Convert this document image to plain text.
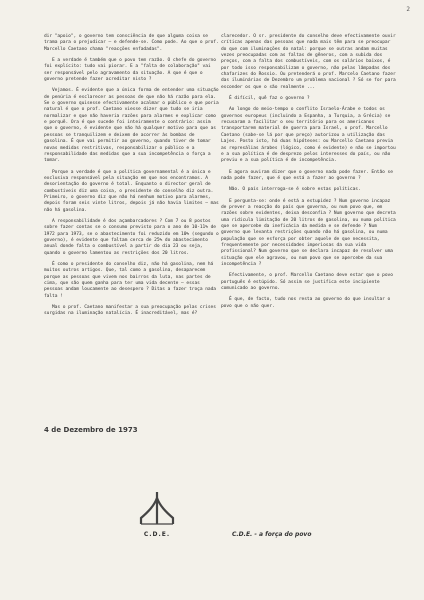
2

dir "apoio", o governo tem consciência de que alguma coisa se trama para o prejudicar — e defende-se. Como pode. Ao que o prof. Marcello Caetano chama "reacções enfadadas".

E a verdade é também que o povo tem razão. O chefe do governo foi explícito: tudo vai piorar. E a "falta de colaboração" vai ser responsável pelo agravamento da situação. A que é que o governo pretende fazer acreditar nisto ?

Vejamos. É evidente que a única forma de entender uma situação de penúria é esclarecer as pessoas de que não há razão para ela. Se o governo quisesse efectivamente acalmar o público e que poria natural é que o prof. Caetano viesse dizer que tudo se iria normalizar e que não haveria razões para alarmes e explicar como e porquê. Ora é que sucede foi inteiramente o contrário: assim que o governo, é evidente que não há qualquer motivo para que as pessoas se tranquilizem e deixem de acorrer às bombas de gasolina. É que vai permitir ao governo, quando tiver de tomar novas medidas restritivas, responsabilizar o público e a responsabilidade das medidas que a sua incompetência o força a tomar.

Porque a verdade é que a política governamental é a única e exclusiva responsável pela situação em que nos encontramos. A desorientação do governo é total. Enquanto o director geral de combustíveis diz uma coisa, o presidente do conselho diz outra. Primeiro, o governo diz que não há nenhum motivo para alarmes, depois foram seis vinte litros, depois já não havia limites — mas não há gasolina.

A responsabilidade é dos açambarcadores ? Com 7 ou 8 postos sobre fazer contas se o consumo previsto para o ano de 10-11% de 1972 para 1973, se o abastecimento foi reduzido em 10% (segundo o governo), é evidente que faltam cerca de 25% do abastecimento anual donde falta o combustível a partir do dia 23 ou seja, quando o governo lamentou as restrições dos 20 litros.

É como o presidente do conselho diz, não há gasolina, nem há muitos outros artigos. Que, tal como a gasolina, desaparecem porque as pessoas que vivem nos bairros da luta, nas partes de cima, que são quem ganha para ter uma vida decente — essas pessoas andam loucamente ao desespero ? Ditas a fazer troça nada falta !

Mas o prof. Caetano manifestar a sua preocupação pelas crises surgidas na iluminação natalícia. É inacreditável, mas é?

clarecedor. O sr. presidente do conselho deve efectivamente ouvir críticas apenas das pessoas que nada mais têm para se preocupar do que com iluminações do natal: porque se outras andam muitas vezes preocupadas com as faltas de gêneros, com a subida dos preços, com a falta dos combustíveis, com os salários baixos, é por todo isso responsabilizam o governo, não pelas lâmpadas dos chafarizes do Rossio. Ou pretenderá o prof. Marcelo Caetano fazer das iluminárias de Dezembro um problema nacional ? Só se for para esconder os que o são realmente ...

É difícil, quê faz o governo ?

Ao longo do meio-tempo o conflito Israelo-Árabe e todos os governos europeus (incluindo a Espanha, a Turquia, a Grécia) se recusaram a facilitar o seu território para os americanos transportarem material de guerra para Israel, o prof. Marcello Caetano (sabe-se lá por que preço) autorizou a utilização das Lajes. Posto isto, há duas hipóteses: ou Marcello Caetano previa as represálias árabes (lógico, como é evidente) e não se importou e a sua política é de desprezo pelos interesses do país, ou não previu e a sua política é de incompetência.

E agora ouviram dizer que o governo nada pode fazer. Então se nada pode fazer, que é que está a fazer ao governo ?

Não. O país interroga-se é sobre estas políticas.

E pergunta-se: onde é está a estupidez ? Num governo incapaz de prever a reacção do país que governa, ou num povo que, em razões sobre evidentes, deixa desconfia ? Num governo que decreta uma ridícula limitação de 20 litros de gasolina, ou numa política que se apercebe da ineficácia da medida e se defende ? Num governo que levanta restrições quando não há gasolina, ou numa população que se esforça por obter aquele de que necessita, frequentemente por necessidades imperiosas da sua vida profissional? Num governo que se declara incapaz de resolver uma situação que ele agravou, ou num povo que se apercebe da sua incompetência ?

Efectivamente, o prof. Marcello Caetano deve estar que o povo português é estúpido. Só assim se justifica este incipiente comunicado ao governo.

É que, de facto, tudo nos resta ao governo do que insultar o povo que o não quer.

4 de Dezembro de 1973
C.D.E.	C.D.E. - a força do povo
